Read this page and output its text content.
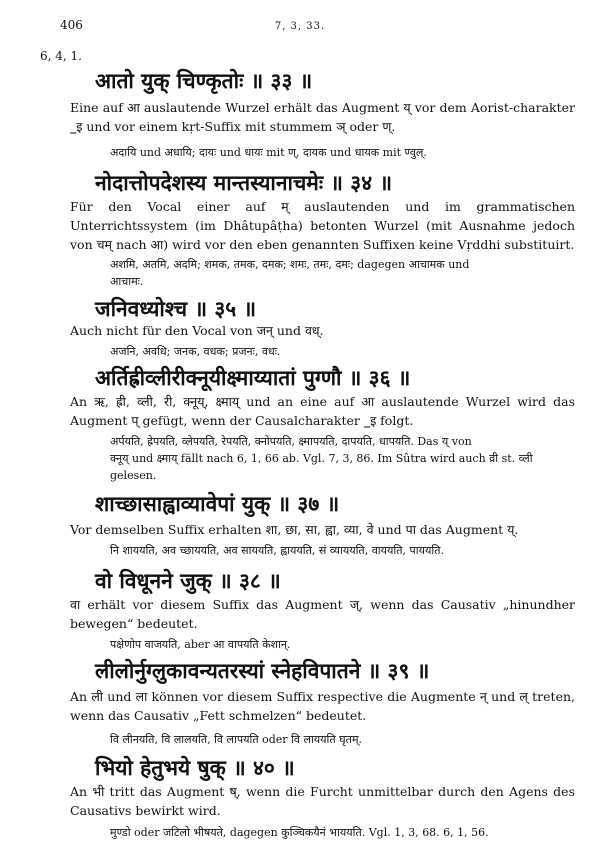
406	7, 3, 33.
6, 4, 1.
आतो युक् चिण्कृतोः ॥ ३३ ॥
Eine auf आ auslautende Wurzel erhält das Augment य् vor dem Aorist-charakter ‗इ und vor einem kṛt-Suffix mit stummem ञ् oder ण्.
अदायि und अधायि; दायः und धायः mit ण्, दायक und धायक mit ण्वुल्.
नोदात्तोपदेशस्य मान्तस्यानाचमेः ॥ ३४ ॥
Für den Vocal einer auf म् auslautenden und im grammatischen Unterrichtssystem (im Dhâtupâṭha) betonten Wurzel (mit Ausnahme jedoch von चम् nach आ) wird vor den eben genannten Suffixen keine Vṛddhi substituirt.
अशमि, अतमि, अदमि; शमक, तमक, दमक; शमः, तमः, दमः; dagegen आचामक und
आचामः.
जनिवध्योश्च ॥ ३५ ॥
Auch nicht für den Vocal von जन् und वध्.
अजनि, अवधि; जनक, वधक; प्रजनः, वधः.
अर्तिह्रीव्लीरीक्नूयीक्ष्माय्यातां पुग्णौ ॥ ३६ ॥
An ऋ, ह्री, व्ली, री, क्नूय्, क्ष्माय् und an eine auf आ auslautende Wurzel wird das Augment प् gefügt, wenn der Causalcharakter ‗इ folgt.
अर्पयति, ह्रेपयति, व्लेपयति, रेपयति, क्नोपयति, क्ष्मापयति, दापयति, धापयति. Das य् von
क्नूय् und क्ष्माय् fällt nach 6, 1, 66 ab. Vgl. 7, 3, 86. Im Sûtra wird auch व्री st. व्ली
gelesen.
शाच्छासाह्वाव्यावेपां युक् ॥ ३७ ॥
Vor demselben Suffix erhalten शा, छा, सा, ह्वा, व्या, वे und पा das Augment य्.
नि शाययति, अव च्छाययति, अव साययति, ह्वाययति, सं व्याययति, वाययति, पाययति.
वो विधूनने जुक् ॥ ३८ ॥
वा erhält vor diesem Suffix das Augment ज्, wenn das Causativ „hinundher bewegen“ bedeutet.
पक्षेणोप वाजयति, aber आ वापयति केशान्.
लीलोर्नुग्लुकावन्यतरस्यां स्नेहविपातने ॥ ३९ ॥
An ली und ला können vor diesem Suffix respective die Augmente न् und ल् treten, wenn das Causativ „Fett schmelzen“ bedeutet.
वि लीनयति, वि लालयति, वि लापयति oder वि लाययति घृतम्.
भियो हेतुभये षुक् ॥ ४० ॥
An भी tritt das Augment ष्, wenn die Furcht unmittelbar durch den Agens des Causativs bewirkt wird.
मुण्डो oder जटिलो भीषयते, dagegen कुञ्चिकयैनं भाययति. Vgl. 1, 3, 68. 6, 1, 56.
